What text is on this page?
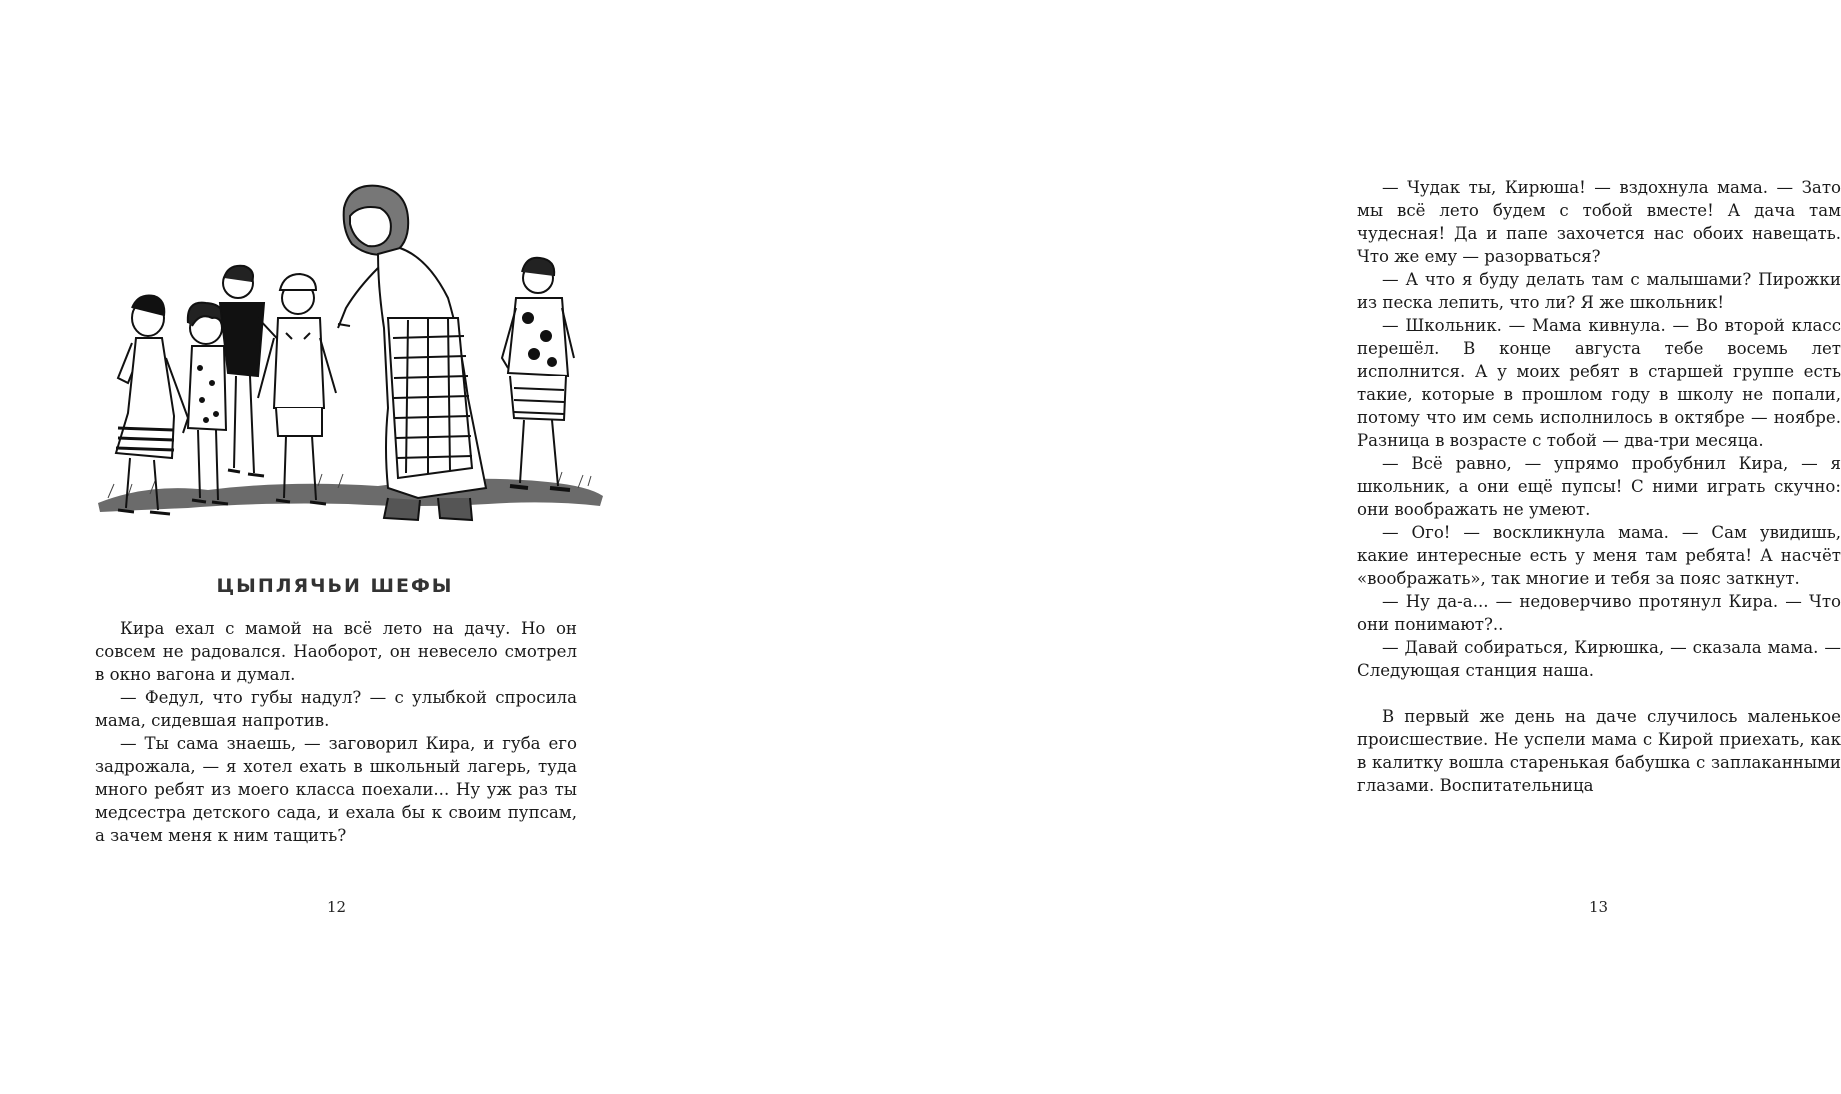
ЦЫПЛЯЧЬИ ШЕФЫ

Кира ехал с мамой на всё лето на дачу. Но он совсем не радовался. Наоборот, он невесело смотрел в окно вагона и думал.

— Федул, что губы надул? — с улыбкой спросила мама, сидевшая напротив.

— Ты сама знаешь, — заговорил Кира, и губа его задрожала, — я хотел ехать в школьный лагерь, туда много ребят из моего класса поехали... Ну уж раз ты медсестра детского сада, и ехала бы к своим пупсам, а зачем меня к ним тащить?

12

— Чудак ты, Кирюша! — вздохнула мама. — Зато мы всё лето будем с тобой вместе! А дача там чудесная! Да и папе захочется нас обоих навещать. Что же ему — разорваться?

— А что я буду делать там с малышами? Пирожки из песка лепить, что ли? Я же школьник!

— Школьник. — Мама кивнула. — Во второй класс перешёл. В конце августа тебе восемь лет исполнится. А у моих ребят в старшей группе есть такие, которые в прошлом году в школу не попали, потому что им семь исполнилось в октябре — ноябре. Разница в возрасте с тобой — два-три месяца.

— Всё равно, — упрямо пробубнил Кира, — я школьник, а они ещё пупсы! С ними играть скучно: они воображать не умеют.

— Ого! — воскликнула мама. — Сам увидишь, какие интересные есть у меня там ребята! А насчёт «воображать», так многие и тебя за пояс заткнут.

— Ну да-а... — недоверчиво протянул Кира. — Что они понимают?..

— Давай собираться, Кирюшка, — сказала мама. — Следующая станция наша.

В первый же день на даче случилось маленькое происшествие. Не успели мама с Кирой приехать, как в калитку вошла старенькая бабушка с заплаканными глазами. Воспитательница

13
